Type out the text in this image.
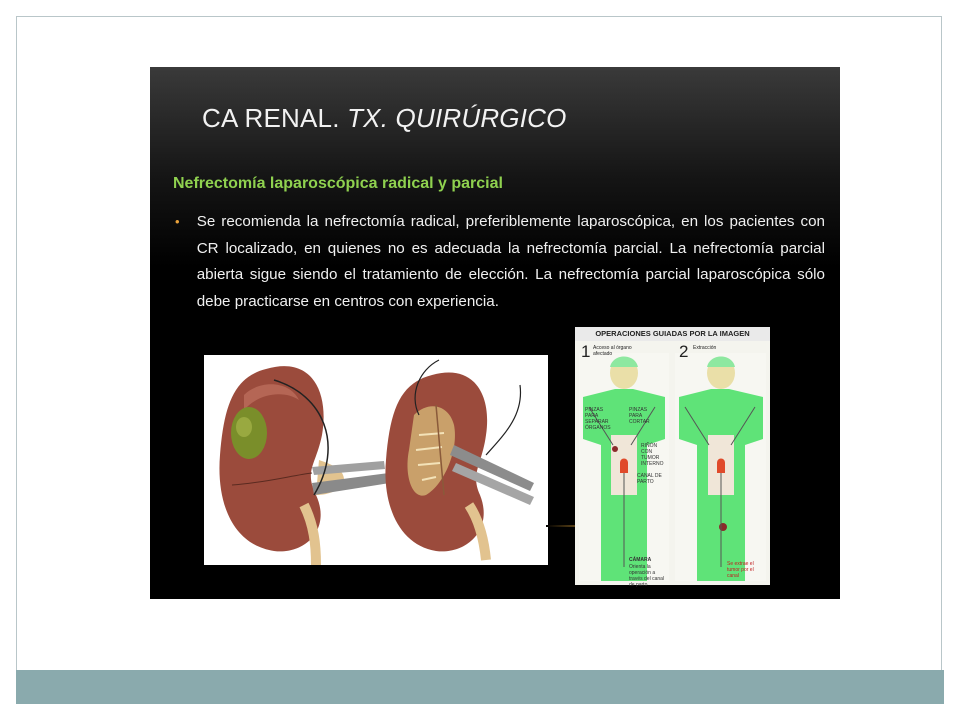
CA RENAL. TX. QUIRÚRGICO

Nefrectomía laparoscópica radical y parcial

•	Se recomienda la nefrectomía radical, preferiblemente laparoscópica, en los pacientes con CR localizado, en quienes no es adecuada la nefrectomía parcial. La nefrectomía parcial abierta sigue siendo el tratamiento de elección. La nefrectomía parcial laparoscópica sólo debe practicarse en centros con experiencia.
OPERACIONES GUIADAS POR LA IMAGEN
1 Acceso al órgano afectado	2 Extracción
PINZAS PARA SEPARAR ÓRGANOS
PINZAS PARA CORTAR
RIÑÓN CON TUMOR INTERNO
CANAL DE PARTO
CÁMARA
Orienta la operación a través del canal de parto
Se extrae el tumor por el canal
